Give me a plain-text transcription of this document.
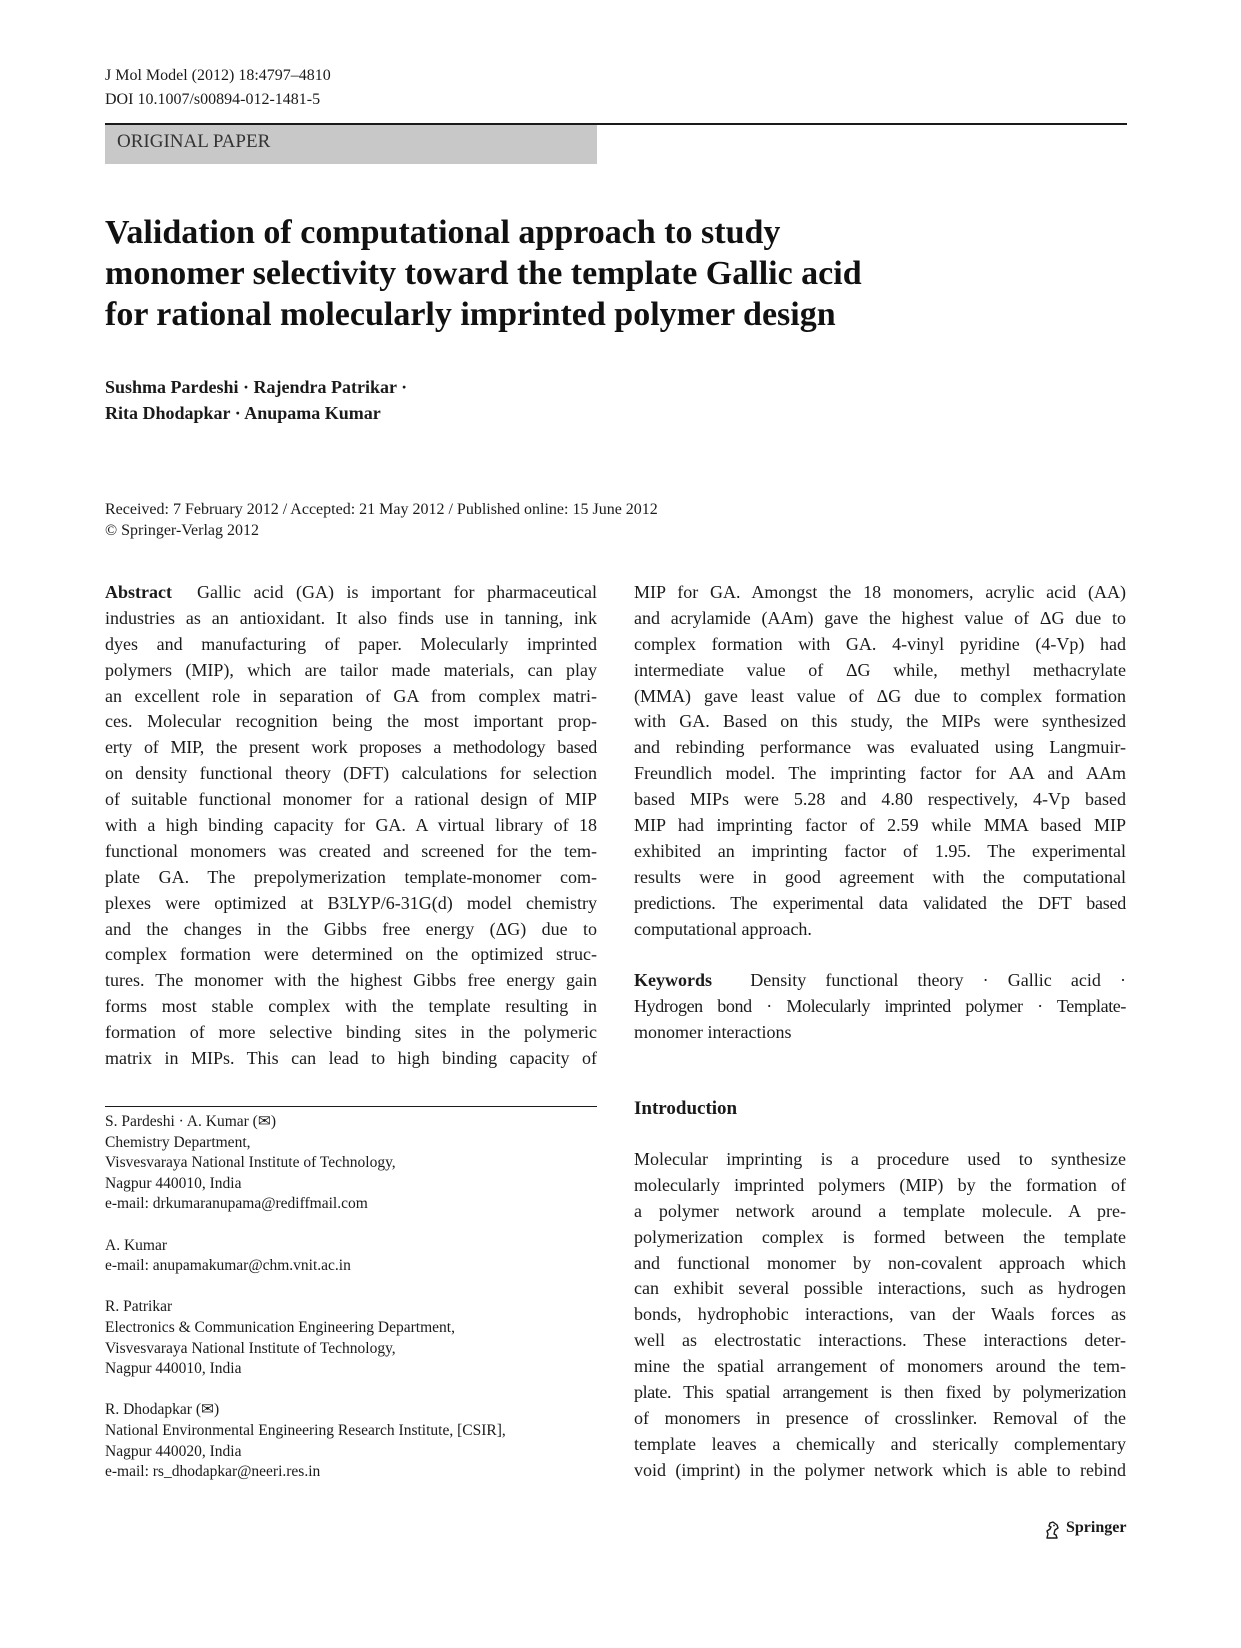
J Mol Model (2012) 18:4797–4810
DOI 10.1007/s00894-012-1481-5
ORIGINAL PAPER
Validation of computational approach to study
monomer selectivity toward the template Gallic acid
for rational molecularly imprinted polymer design
Sushma Pardeshi · Rajendra Patrikar ·
Rita Dhodapkar · Anupama Kumar
Received: 7 February 2012 / Accepted: 21 May 2012 / Published online: 15 June 2012
© Springer-Verlag 2012
Abstract Gallic acid (GA) is important for pharmaceutical
industries as an antioxidant. It also finds use in tanning, ink
dyes and manufacturing of paper. Molecularly imprinted
polymers (MIP), which are tailor made materials, can play
an excellent role in separation of GA from complex matri-
ces. Molecular recognition being the most important prop-
erty of MIP, the present work proposes a methodology based
on density functional theory (DFT) calculations for selection
of suitable functional monomer for a rational design of MIP
with a high binding capacity for GA. A virtual library of 18
functional monomers was created and screened for the tem-
plate GA. The prepolymerization template-monomer com-
plexes were optimized at B3LYP/6-31G(d) model chemistry
and the changes in the Gibbs free energy (ΔG) due to
complex formation were determined on the optimized struc-
tures. The monomer with the highest Gibbs free energy gain
forms most stable complex with the template resulting in
formation of more selective binding sites in the polymeric
matrix in MIPs. This can lead to high binding capacity of
MIP for GA. Amongst the 18 monomers, acrylic acid (AA)
and acrylamide (AAm) gave the highest value of ΔG due to
complex formation with GA. 4-vinyl pyridine (4-Vp) had
intermediate value of ΔG while, methyl methacrylate
(MMA) gave least value of ΔG due to complex formation
with GA. Based on this study, the MIPs were synthesized
and rebinding performance was evaluated using Langmuir-
Freundlich model. The imprinting factor for AA and AAm
based MIPs were 5.28 and 4.80 respectively, 4-Vp based
MIP had imprinting factor of 2.59 while MMA based MIP
exhibited an imprinting factor of 1.95. The experimental
results were in good agreement with the computational
predictions. The experimental data validated the DFT based
computational approach.
Keywords Density functional theory · Gallic acid ·
Hydrogen bond · Molecularly imprinted polymer · Template-
monomer interactions
S. Pardeshi · A. Kumar (✉)
Chemistry Department,
Visvesvaraya National Institute of Technology,
Nagpur 440010, India
e-mail: drkumaranupama@rediffmail.com
A. Kumar
e-mail: anupamakumar@chm.vnit.ac.in
R. Patrikar
Electronics & Communication Engineering Department,
Visvesvaraya National Institute of Technology,
Nagpur 440010, India
R. Dhodapkar (✉)
National Environmental Engineering Research Institute, [CSIR],
Nagpur 440020, India
e-mail: rs_dhodapkar@neeri.res.in
Introduction
Molecular imprinting is a procedure used to synthesize
molecularly imprinted polymers (MIP) by the formation of
a polymer network around a template molecule. A pre-
polymerization complex is formed between the template
and functional monomer by non-covalent approach which
can exhibit several possible interactions, such as hydrogen
bonds, hydrophobic interactions, van der Waals forces as
well as electrostatic interactions. These interactions deter-
mine the spatial arrangement of monomers around the tem-
plate. This spatial arrangement is then fixed by polymerization
of monomers in presence of crosslinker. Removal of the
template leaves a chemically and sterically complementary
void (imprint) in the polymer network which is able to rebind
Springer
